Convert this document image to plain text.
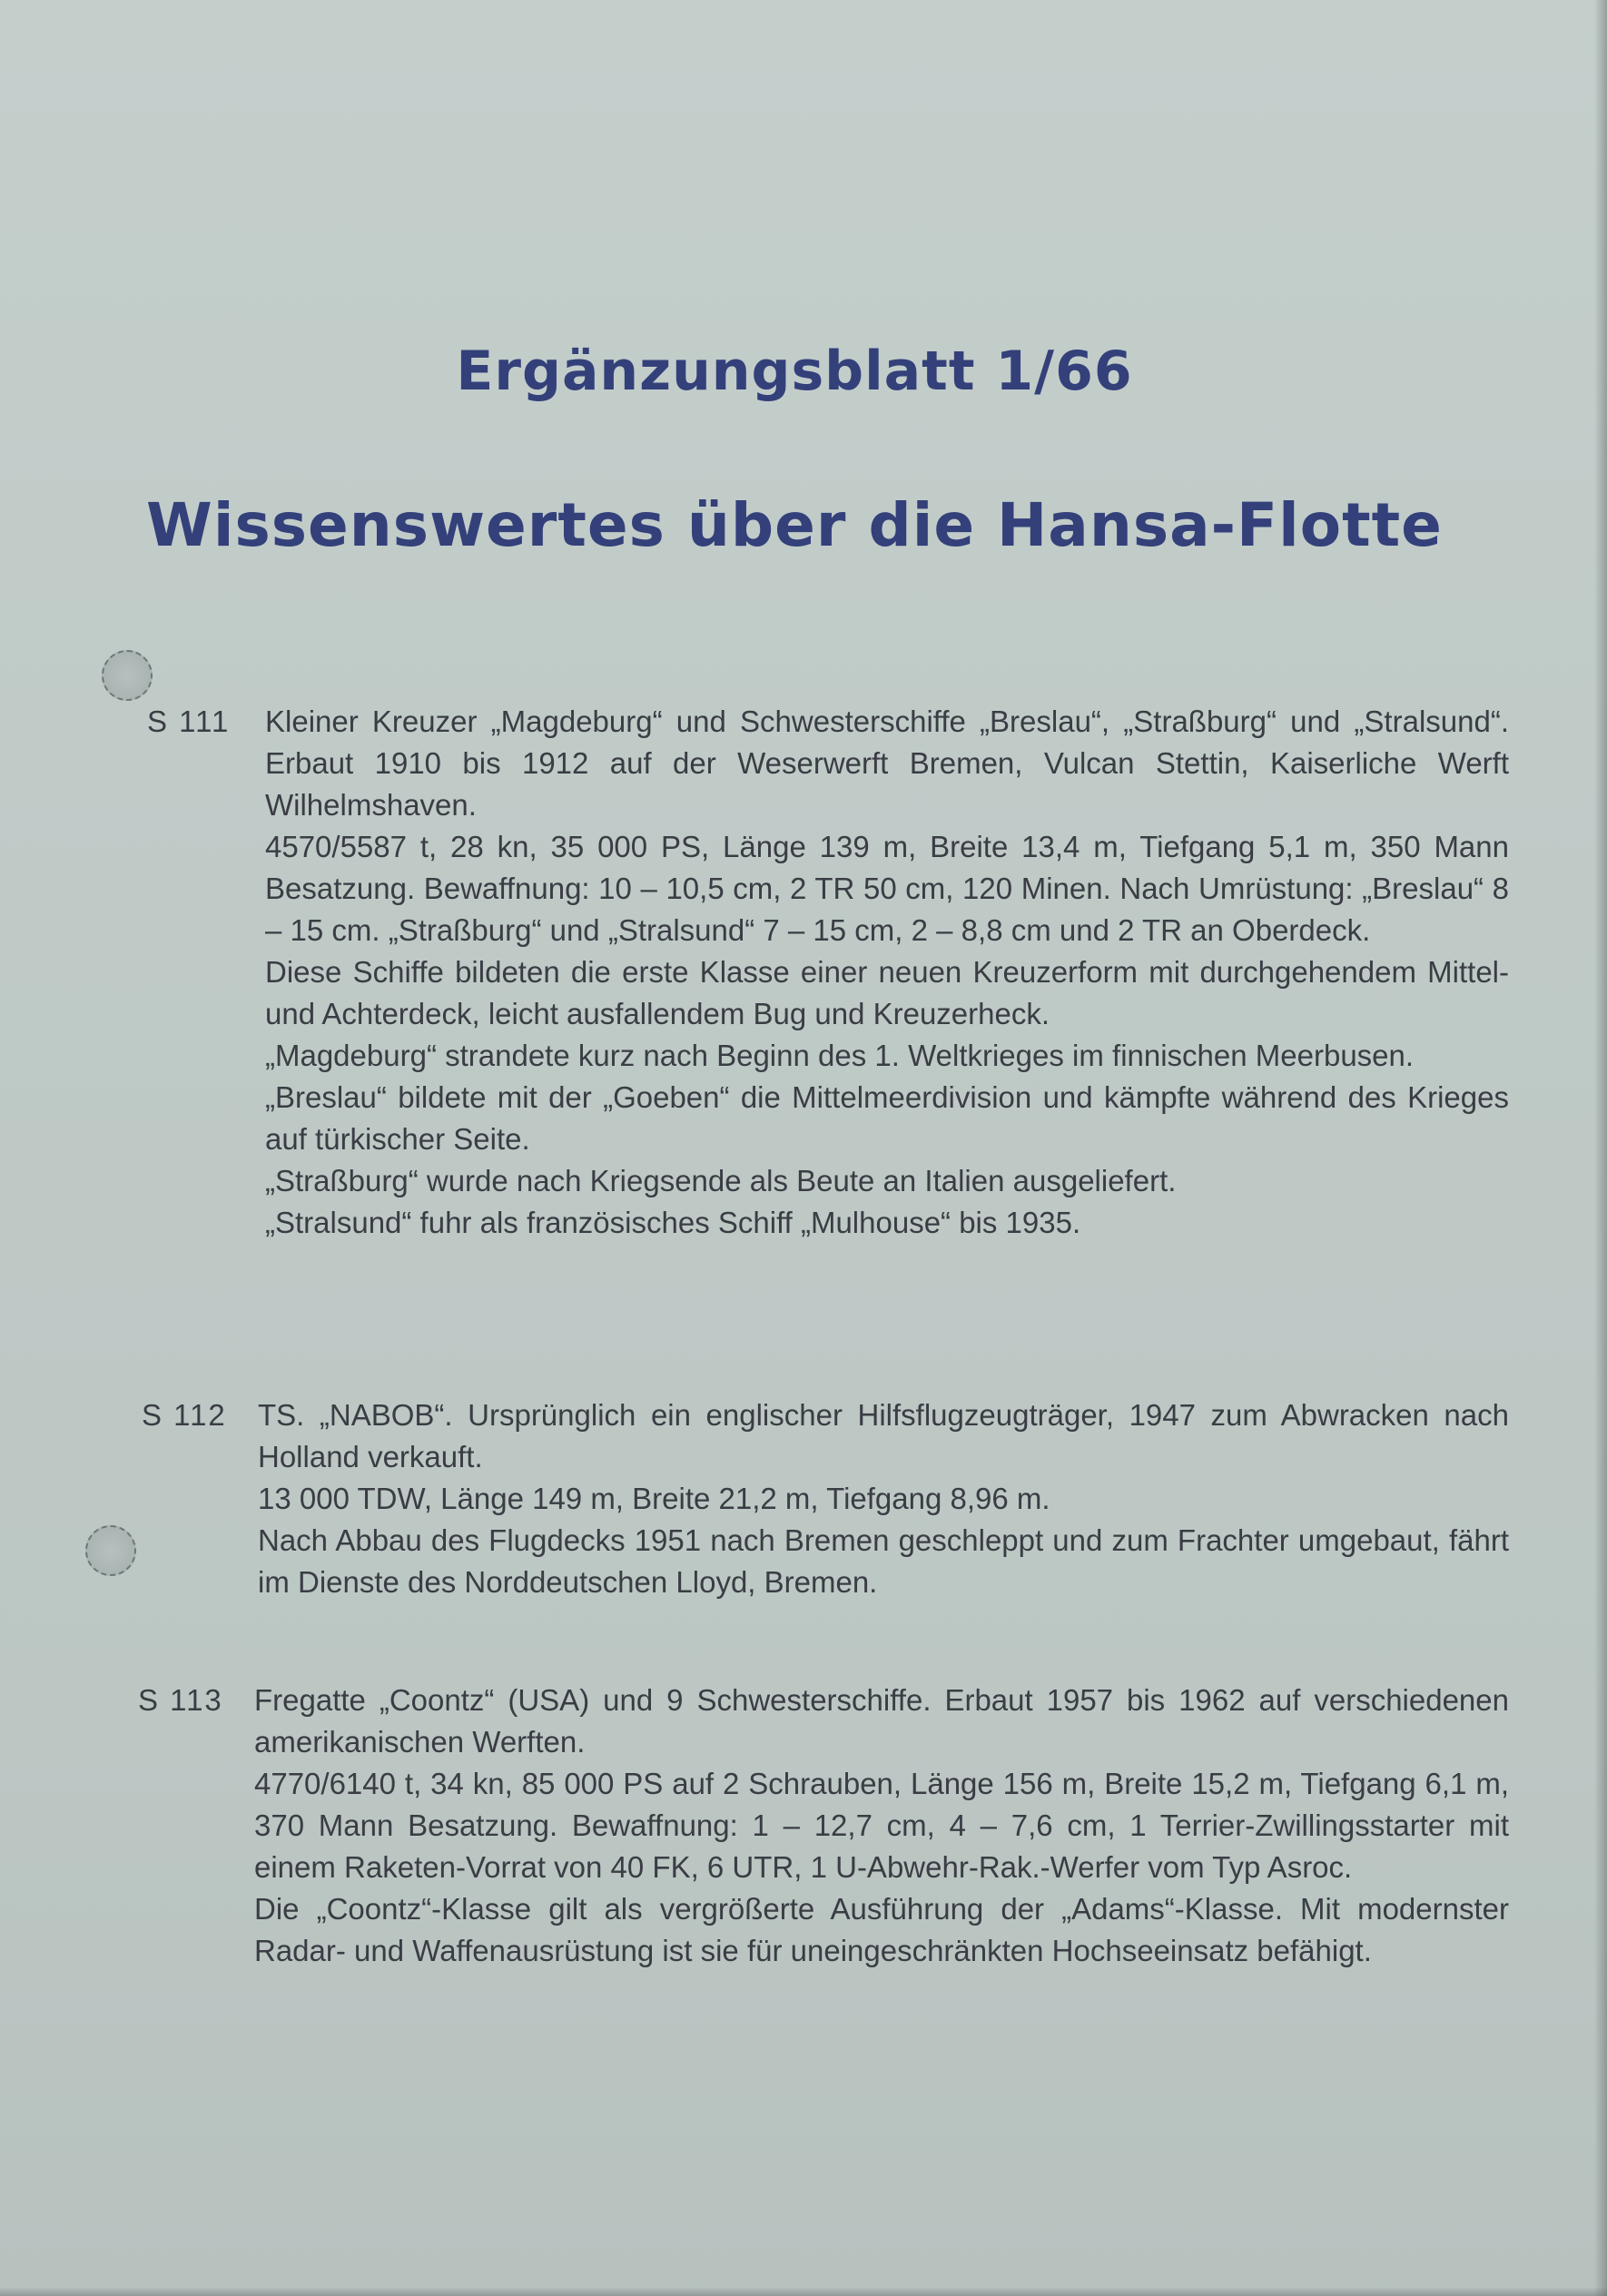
Ergänzungsblatt 1/66
Wissenswertes über die Hansa-Flotte
S 111	Kleiner Kreuzer „Magdeburg“ und Schwesterschiffe „Breslau“, „Straßburg“ und „Stralsund“. Erbaut 1910 bis 1912 auf der Weserwerft Bremen, Vulcan Stettin, Kaiserliche Werft Wilhelmshaven.

4570/5587 t, 28 kn, 35 000 PS, Länge 139 m, Breite 13,4 m, Tiefgang 5,1 m, 350 Mann Besatzung. Bewaffnung: 10 – 10,5 cm, 2 TR 50 cm, 120 Minen. Nach Umrüstung: „Breslau“ 8 – 15 cm. „Straßburg“ und „Stralsund“ 7 – 15 cm, 2 – 8,8 cm und 2 TR an Oberdeck.

Diese Schiffe bildeten die erste Klasse einer neuen Kreuzerform mit durchgehendem Mittel- und Achterdeck, leicht ausfallendem Bug und Kreuzerheck.

„Magdeburg“ strandete kurz nach Beginn des 1. Weltkrieges im finnischen Meerbusen.

„Breslau“ bildete mit der „Goeben“ die Mittelmeerdivision und kämpfte während des Krieges auf türkischer Seite.

„Straßburg“ wurde nach Kriegsende als Beute an Italien ausgeliefert.

„Stralsund“ fuhr als französisches Schiff „Mulhouse“ bis 1935.

S 112	TS. „NABOB“. Ursprünglich ein englischer Hilfsflugzeugträger, 1947 zum Abwracken nach Holland verkauft.

13 000 TDW, Länge 149 m, Breite 21,2 m, Tiefgang 8,96 m.

Nach Abbau des Flugdecks 1951 nach Bremen geschleppt und zum Frachter umgebaut, fährt im Dienste des Norddeutschen Lloyd, Bremen.

S 113	Fregatte „Coontz“ (USA) und 9 Schwesterschiffe. Erbaut 1957 bis 1962 auf verschiedenen amerikanischen Werften.

4770/6140 t, 34 kn, 85 000 PS auf 2 Schrauben, Länge 156 m, Breite 15,2 m, Tiefgang 6,1 m, 370 Mann Besatzung. Bewaffnung: 1 – 12,7 cm, 4 – 7,6 cm, 1 Terrier-Zwillingsstarter mit einem Raketen-Vorrat von 40 FK, 6 UTR, 1 U-Abwehr-Rak.-Werfer vom Typ Asroc.

Die „Coontz“-Klasse gilt als vergrößerte Ausführung der „Adams“-Klasse. Mit modernster Radar- und Waffenausrüstung ist sie für uneingeschränkten Hochseeinsatz befähigt.
